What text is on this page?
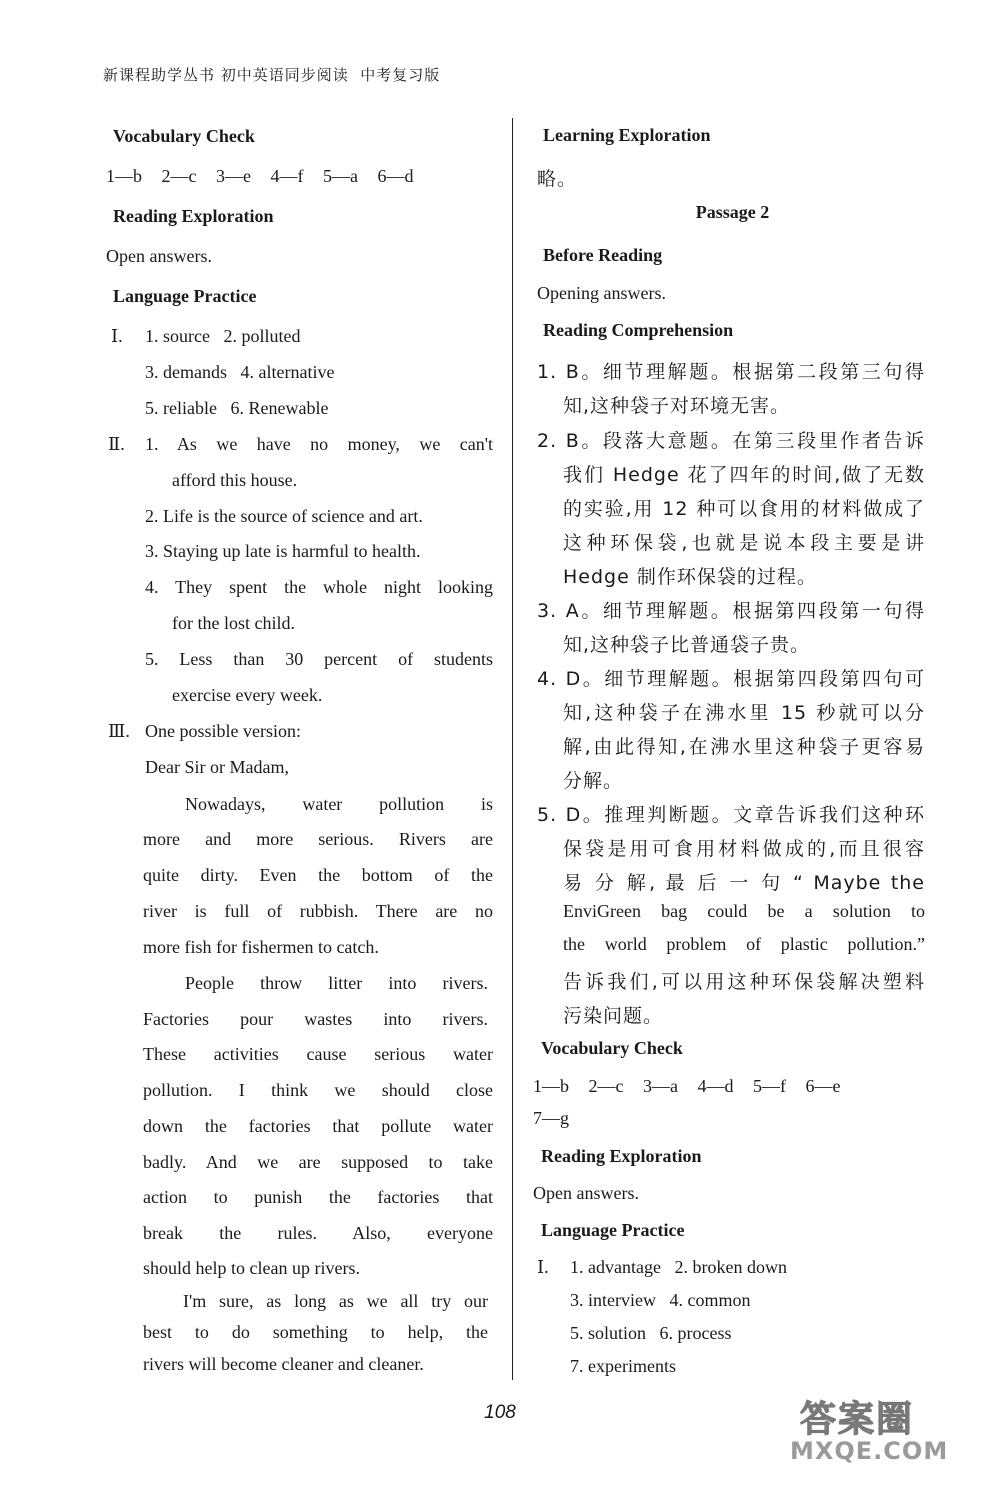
新课程助学丛书 初中英语同步阅读  中考复习版
Vocabulary Check
1—b   2—c   3—e   4—f   5—a   6—d
Reading Exploration
Open answers.
Language Practice
Ⅰ. 1. source   2. polluted
3. demands   4. alternative
5. reliable   6. Renewable
Ⅱ. 1. As we have no money, we can't
afford this house.
2. Life is the source of science and art.
3. Staying up late is harmful to health.
4. They spent the whole night looking
for the lost child.
5. Less than 30 percent of students
exercise every week.
Ⅲ. One possible version:
Dear Sir or Madam,
Nowadays, water pollution is
more and more serious. Rivers are
quite dirty. Even the bottom of the
river is full of rubbish. There are no
more fish for fishermen to catch.
People throw litter into rivers.
Factories pour wastes into rivers.
These activities cause serious water
pollution. I think we should close
down the factories that pollute water
badly. And we are supposed to take
action to punish the factories that
break the rules. Also, everyone
should help to clean up rivers.
I'm sure, as long as we all try our
best to do something to help, the
rivers will become cleaner and cleaner.
Learning Exploration
略。
Passage 2
Before Reading
Opening answers.
Reading Comprehension
1. B。细节理解题。根据第二段第三句得
知,这种袋子对环境无害。
2. B。段落大意题。在第三段里作者告诉
我们 Hedge 花了四年的时间,做了无数
的实验,用 12 种可以食用的材料做成了
这种环保袋,也就是说本段主要是讲
Hedge 制作环保袋的过程。
3. A。细节理解题。根据第四段第一句得
知,这种袋子比普通袋子贵。
4. D。细节理解题。根据第四段第四句可
知,这种袋子在沸水里 15 秒就可以分
解,由此得知,在沸水里这种袋子更容易
分解。
5. D。推理判断题。文章告诉我们这种环
保袋是用可食用材料做成的,而且很容
易 分 解, 最 后 一 句 “ Maybe the
EnviGreen bag could be a solution to
the world problem of plastic pollution.”
告诉我们,可以用这种环保袋解决塑料
污染问题。
Vocabulary Check
1—b   2—c   3—a   4—d   5—f   6—e
7—g
Reading Exploration
Open answers.
Language Practice
Ⅰ. 1. advantage   2. broken down
3. interview   4. common
5. solution   6. process
7. experiments
108	答案圈
MXQE.COM
